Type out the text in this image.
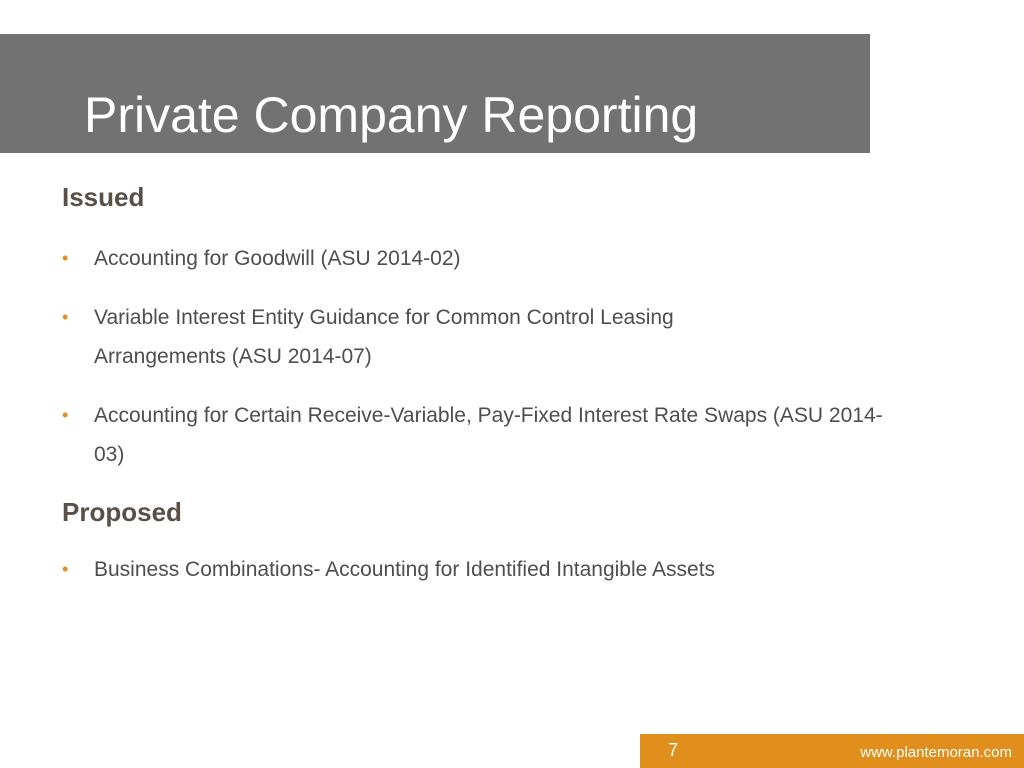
Private Company Reporting
Issued
• Accounting for Goodwill (ASU 2014-02)
• Variable Interest Entity Guidance for Common Control Leasing Arrangements (ASU 2014-07)
• Accounting for Certain Receive-Variable, Pay-Fixed Interest Rate Swaps (ASU 2014-03)
Proposed
• Business Combinations- Accounting for Identified Intangible Assets
7	www.plantemoran.com
